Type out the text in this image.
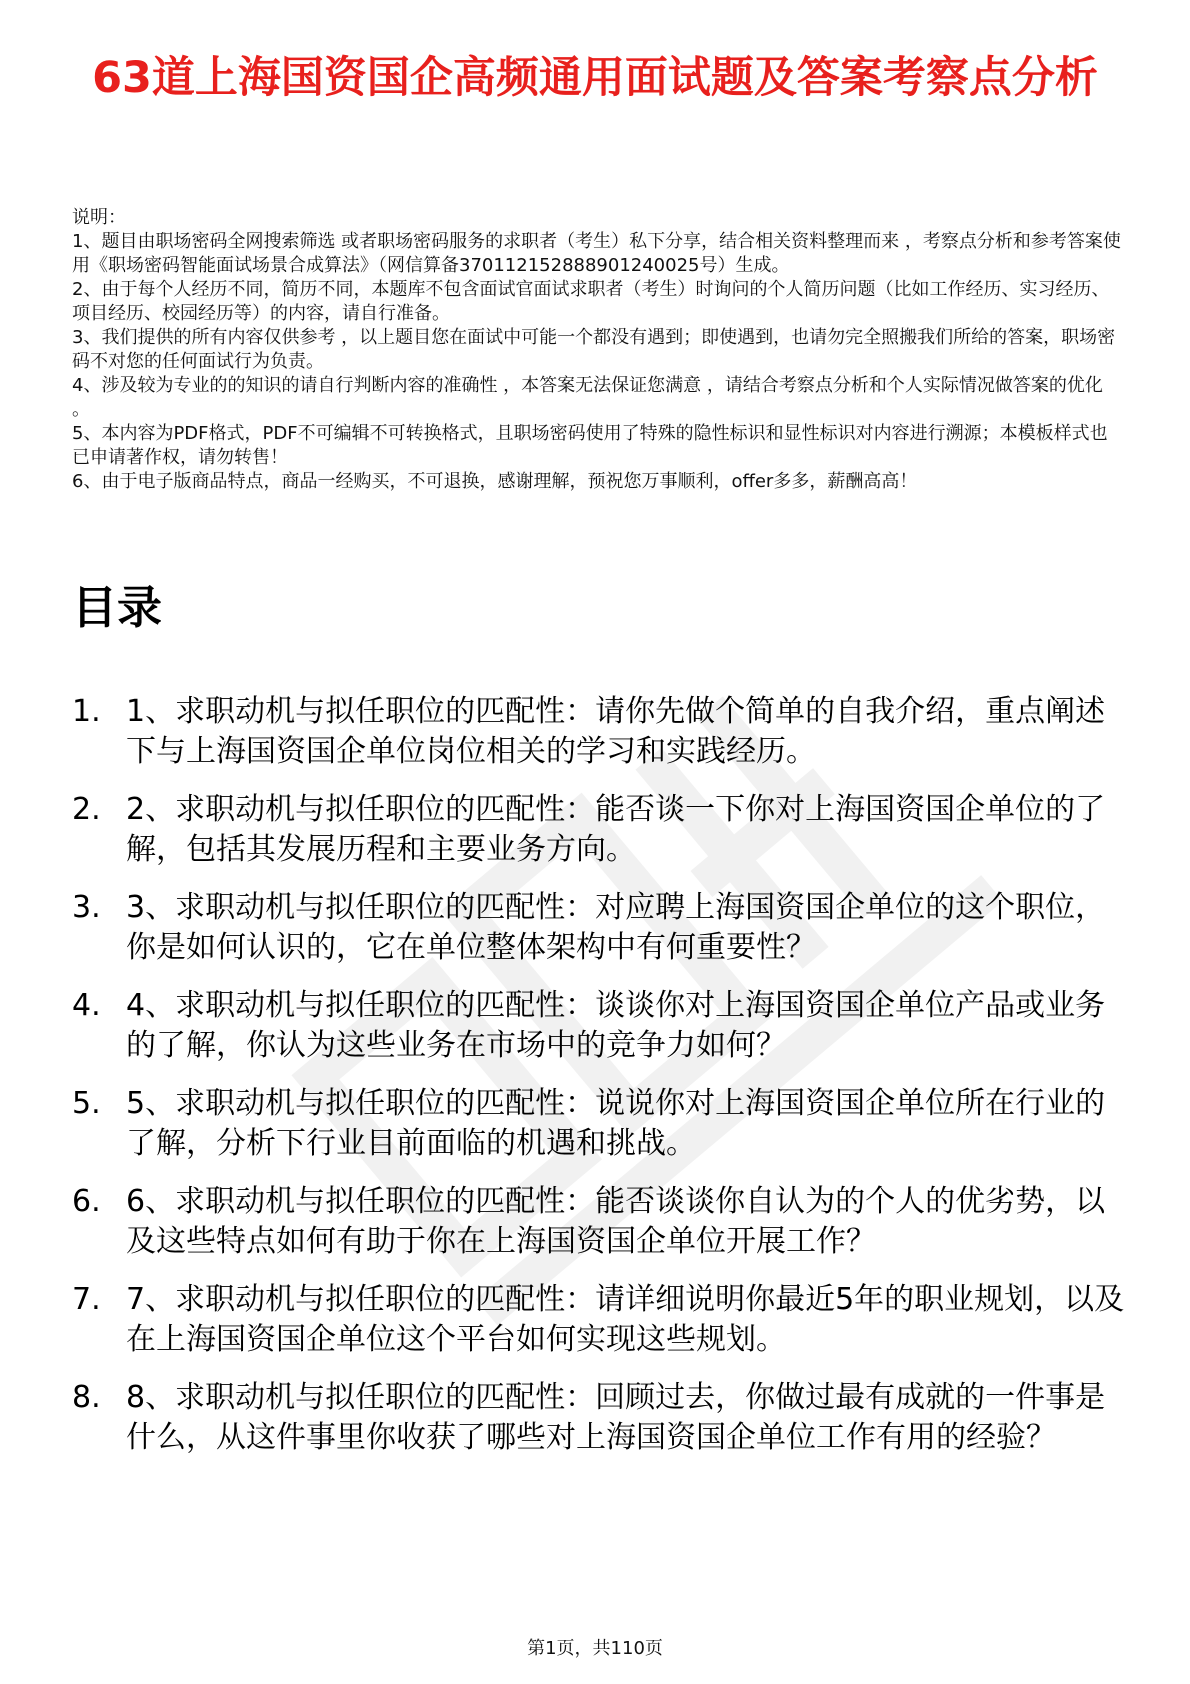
63道上海国资国企高频通用面试题及答案考察点分析
说明：
1、题目由职场密码全网搜索筛选 或者职场密码服务的求职者（考生）私下分享，结合相关资料整理而来 ，考察点分析和参考答案使用《职场密码智能面试场景合成算法》（网信算备370112152888901240025号）生成。
2、由于每个人经历不同，简历不同，本题库不包含面试官面试求职者（考生）时询问的个人简历问题（比如工作经历、实习经历、项目经历、校园经历等）的内容，请自行准备。
3、我们提供的所有内容仅供参考 ，以上题目您在面试中可能一个都没有遇到；即使遇到，也请勿完全照搬我们所给的答案，职场密码不对您的任何面试行为负责。
4、涉及较为专业的的知识的请自行判断内容的准确性 ，本答案无法保证您满意 ，请结合考察点分析和个人实际情况做答案的优化 。
5、本内容为PDF格式，PDF不可编辑不可转换格式，且职场密码使用了特殊的隐性标识和显性标识对内容进行溯源；本模板样式也已申请著作权，请勿转售！
6、由于电子版商品特点，商品一经购买，不可退换，感谢理解，预祝您万事顺利，offer多多，薪酬高高！
目录
1. 1、求职动机与拟任职位的匹配性：请你先做个简单的自我介绍，重点阐述下与上海国资国企单位岗位相关的学习和实践经历。
2. 2、求职动机与拟任职位的匹配性：能否谈一下你对上海国资国企单位的了解，包括其发展历程和主要业务方向。
3. 3、求职动机与拟任职位的匹配性：对应聘上海国资国企单位的这个职位，你是如何认识的，它在单位整体架构中有何重要性？
4. 4、求职动机与拟任职位的匹配性：谈谈你对上海国资国企单位产品或业务的了解，你认为这些业务在市场中的竞争力如何？
5. 5、求职动机与拟任职位的匹配性：说说你对上海国资国企单位所在行业的了解，分析下行业目前面临的机遇和挑战。
6. 6、求职动机与拟任职位的匹配性：能否谈谈你自认为的个人的优劣势，以及这些特点如何有助于你在上海国资国企单位开展工作？
7. 7、求职动机与拟任职位的匹配性：请详细说明你最近5年的职业规划，以及在上海国资国企单位这个平台如何实现这些规划。
8. 8、求职动机与拟任职位的匹配性：回顾过去，你做过最有成就的一件事是什么，从这件事里你收获了哪些对上海国资国企单位工作有用的经验？
第1页，共110页
